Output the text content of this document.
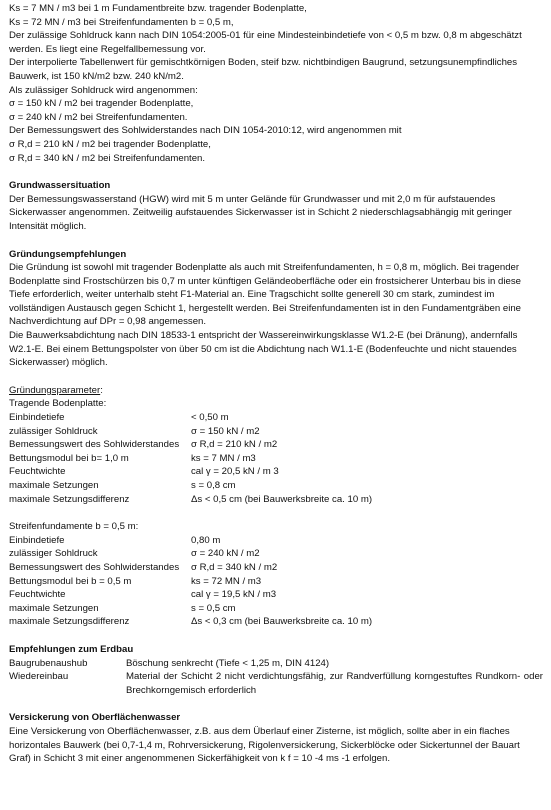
Ks = 7 MN / m3 bei 1 m Fundamentbreite bzw. tragender Bodenplatte,
Ks = 72 MN / m3 bei Streifenfundamenten b = 0,5 m,
Der zulässige Sohldruck kann nach DIN 1054:2005-01 für eine Mindesteinbindetiefe von < 0,5 m bzw. 0,8 m abgeschätzt
werden. Es liegt eine Regelfallbemessung vor.
Der interpolierte Tabellenwert für gemischtkörnigen Boden, steif bzw. nichtbindigen Baugrund, setzungsunempfindliches
Bauwerk, ist 150 kN/m2 bzw. 240 kN/m2.
Als zulässiger Sohldruck wird angenommen:
σ = 150 kN / m2 bei tragender Bodenplatte,
σ = 240 kN / m2 bei Streifenfundamenten.
Der Bemessungswert des Sohlwiderstandes nach DIN 1054-2010:12, wird angenommen mit
σ R,d = 210 kN / m2 bei tragender Bodenplatte,
σ R,d = 340 kN / m2 bei Streifenfundamenten.
Grundwassersituation
Der Bemessungswasserstand (HGW) wird mit 5 m unter Gelände für Grundwasser und mit 2,0 m für aufstauendes
Sickerwasser angenommen. Zeitweilig aufstauendes Sickerwasser ist in Schicht 2 niederschlagsabhängig mit geringer
Intensität möglich.
Gründungsempfehlungen
Die Gründung ist sowohl mit tragender Bodenplatte als auch mit Streifenfundamenten, h = 0,8 m, möglich. Bei tragender
Bodenplatte sind Frostschürzen bis 0,7 m unter künftigen Geländeoberfläche oder ein frostsicherer Unterbau bis in diese
Tiefe erforderlich, weiter unterhalb steht F1-Material an. Eine Tragschicht sollte generell 30 cm stark, zumindest im
vollständigen Austausch gegen Schicht 1, hergestellt werden. Bei Streifenfundamenten ist in den Fundamentgräben eine
Nachverdichtung auf DPr = 0,98 angemessen.
Die Bauwerksabdichtung nach DIN 18533-1 entspricht der Wassereinwirkungsklasse W1.2-E (bei Dränung), andernfalls
W2.1-E. Bei einem Bettungspolster von über 50 cm ist die Abdichtung nach W1.1-E (Bodenfeuchte und nicht stauendes
Sickerwasser) möglich.
Gründungsparameter:
Tragende Bodenplatte:
Einbindetiefe	< 0,50 m
zulässiger Sohldruck	σ = 150 kN / m2
Bemessungswert des Sohlwiderstandes	σ R,d = 210 kN / m2
Bettungsmodul bei b= 1,0 m	ks = 7 MN / m3
Feuchtwichte	cal γ = 20,5 kN / m 3
maximale Setzungen	s = 0,8 cm
maximale Setzungsdifferenz	Δs < 0,5 cm (bei Bauwerksbreite ca. 10 m)
Streifenfundamente b = 0,5 m:
Einbindetiefe	0,80 m
zulässiger Sohldruck	σ = 240 kN / m2
Bemessungswert des Sohlwiderstandes	σ R,d = 340 kN / m2
Bettungsmodul bei b = 0,5 m	ks = 72 MN / m3
Feuchtwichte	cal γ = 19,5 kN / m3
maximale Setzungen	s = 0,5 cm
maximale Setzungsdifferenz	Δs < 0,3 cm (bei Bauwerksbreite ca. 10 m)
Empfehlungen zum Erdbau
Baugrubenaushub	Böschung senkrecht (Tiefe < 1,25 m, DIN 4124)
Wiedereinbau	Material der Schicht 2 nicht verdichtungsfähig, zur Randverfüllung korngestuftes Rundkorn- oder Brechkorngemisch erforderlich
Versickerung von Oberflächenwasser
Eine Versickerung von Oberflächenwasser, z.B. aus dem Überlauf einer Zisterne, ist möglich, sollte aber in ein flaches
horizontales Bauwerk (bei 0,7-1,4 m, Rohrversickerung, Rigolenversickerung, Sickerblöcke oder Sickertunnel der Bauart
Graf) in Schicht 3 mit einer angenommenen Sickerfähigkeit von k f = 10 -4 ms -1 erfolgen.
